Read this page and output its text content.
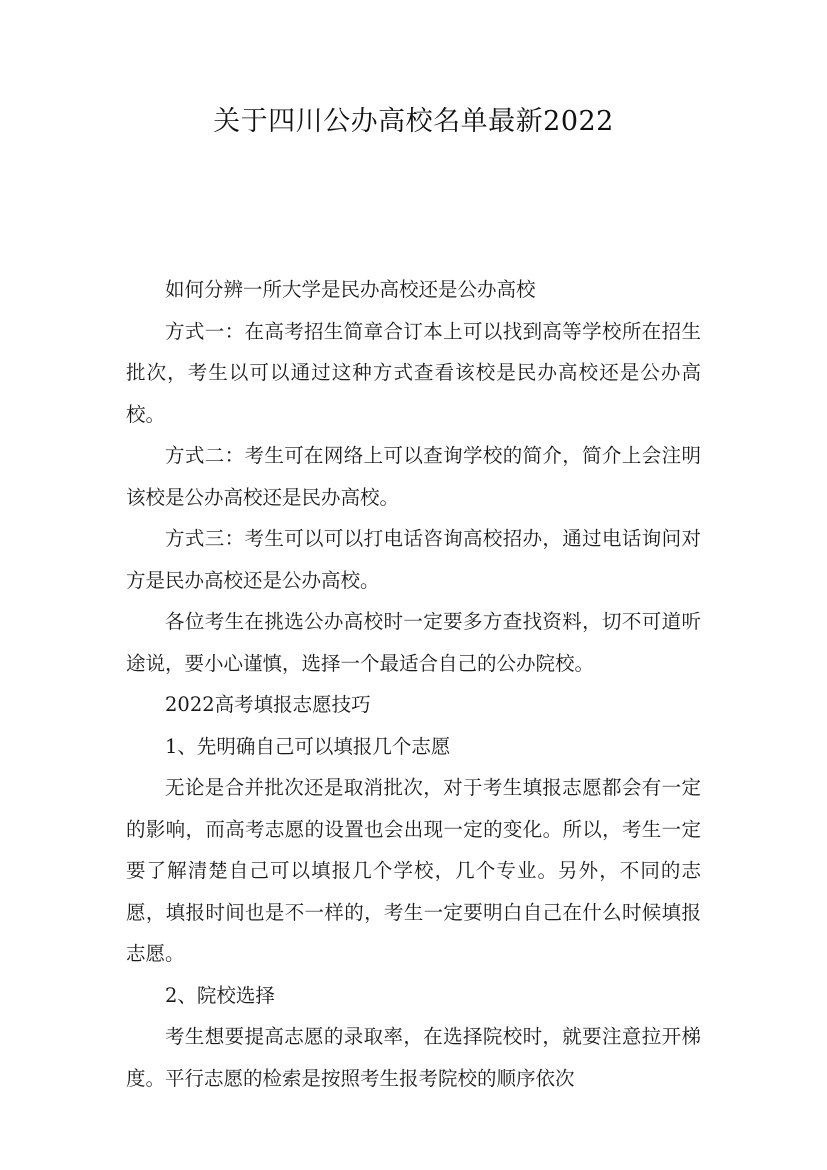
关于四川公办高校名单最新2022

如何分辨一所大学是民办高校还是公办高校

方式一：在高考招生简章合订本上可以找到高等学校所在招生批次，考生以可以通过这种方式查看该校是民办高校还是公办高校。

方式二：考生可在网络上可以查询学校的简介，简介上会注明该校是公办高校还是民办高校。

方式三：考生可以可以打电话咨询高校招办，通过电话询问对方是民办高校还是公办高校。

各位考生在挑选公办高校时一定要多方查找资料，切不可道听途说，要小心谨慎，选择一个最适合自己的公办院校。

2022高考填报志愿技巧

1、先明确自己可以填报几个志愿

无论是合并批次还是取消批次，对于考生填报志愿都会有一定的影响，而高考志愿的设置也会出现一定的变化。所以，考生一定要了解清楚自己可以填报几个学校，几个专业。另外，不同的志愿，填报时间也是不一样的，考生一定要明白自己在什么时候填报志愿。

2、院校选择

考生想要提高志愿的录取率，在选择院校时，就要注意拉开梯度。平行志愿的检索是按照考生报考院校的顺序依次
